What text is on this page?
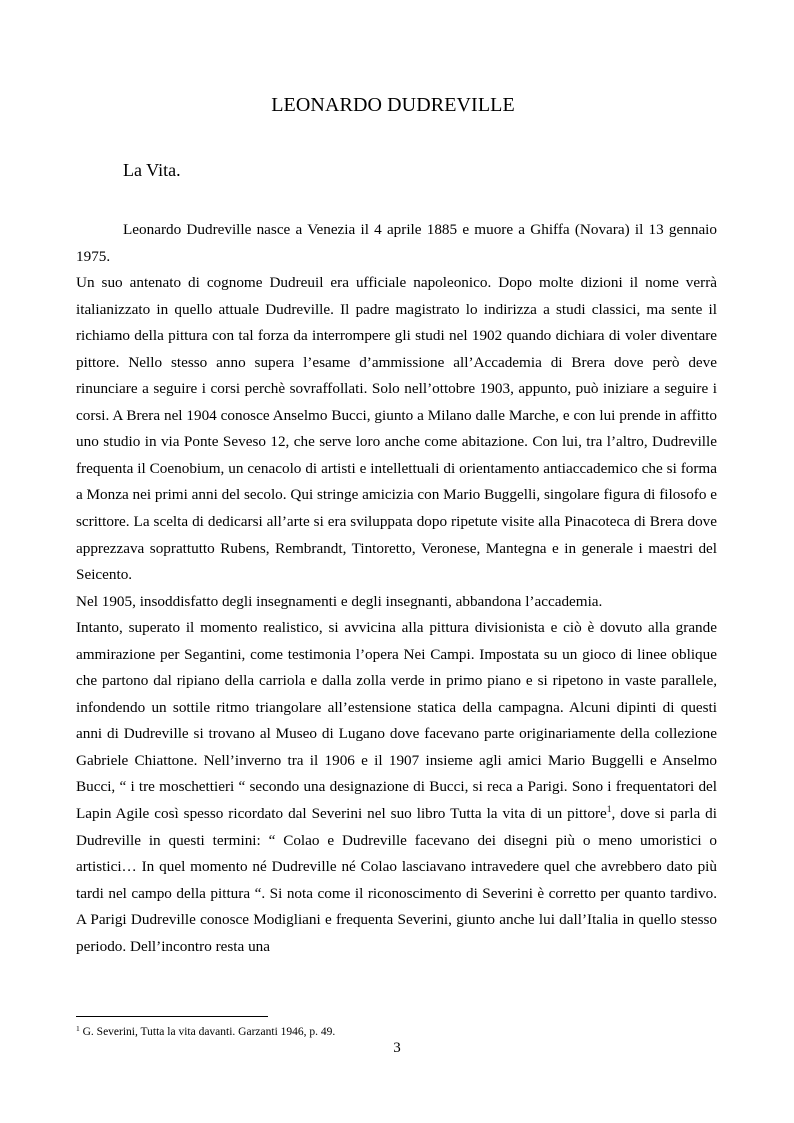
LEONARDO DUDREVILLE
La Vita.

Leonardo Dudreville nasce a Venezia il 4 aprile 1885 e muore a Ghiffa (Novara) il 13 gennaio 1975.

Un suo antenato di cognome Dudreuil era ufficiale napoleonico. Dopo molte dizioni il nome verrà italianizzato in quello attuale Dudreville. Il padre magistrato lo indirizza a studi classici, ma sente il richiamo della pittura con tal forza da interrompere gli studi nel 1902 quando dichiara di voler diventare pittore. Nello stesso anno supera l’esame d’ammissione all’Accademia di Brera dove però deve rinunciare a seguire i corsi perchè sovraffollati. Solo nell’ottobre 1903, appunto, può iniziare a seguire i corsi. A Brera nel 1904 conosce Anselmo Bucci, giunto a Milano dalle Marche, e con lui prende in affitto uno studio in via Ponte Seveso 12, che serve loro anche come abitazione. Con lui, tra l’altro, Dudreville frequenta il Coenobium, un cenacolo di artisti e intellettuali di orientamento antiaccademico che si forma a Monza nei primi anni del secolo. Qui stringe amicizia con Mario Buggelli, singolare figura di filosofo e scrittore. La scelta di dedicarsi all’arte si era sviluppata dopo ripetute visite alla Pinacoteca di Brera dove apprezzava soprattutto Rubens, Rembrandt, Tintoretto, Veronese, Mantegna e in generale i maestri del Seicento.

Nel 1905, insoddisfatto degli insegnamenti e degli insegnanti, abbandona l’accademia.

Intanto, superato il momento realistico, si avvicina alla pittura divisionista e ciò è dovuto alla grande ammirazione per Segantini, come testimonia l’opera Nei Campi. Impostata su un gioco di linee oblique che partono dal ripiano della carriola e dalla zolla verde in primo piano e si ripetono in vaste parallele, infondendo un sottile ritmo triangolare all’estensione statica della campagna. Alcuni dipinti di questi anni di Dudreville si trovano al Museo di Lugano dove facevano parte originariamente della collezione Gabriele Chiattone. Nell’inverno tra il 1906 e il 1907 insieme agli amici Mario Buggelli e Anselmo Bucci, “ i tre moschettieri “ secondo una designazione di Bucci, si reca a Parigi. Sono i frequentatori del Lapin Agile così spesso ricordato dal Severini nel suo libro Tutta la vita di un pittore$^1$, dove si parla di Dudreville in questi termini: “ Colao e Dudreville facevano dei disegni più o meno umoristici o artistici… In quel momento né Dudreville né Colao lasciavano intravedere quel che avrebbero dato più tardi nel campo della pittura “. Si nota come il riconoscimento di Severini è corretto per quanto tardivo. A Parigi Dudreville conosce Modigliani e frequenta Severini, giunto anche lui dall’Italia in quello stesso periodo. Dell’incontro resta una

$^1$ G. Severini, Tutta la vita davanti. Garzanti 1946, p. 49.
3
